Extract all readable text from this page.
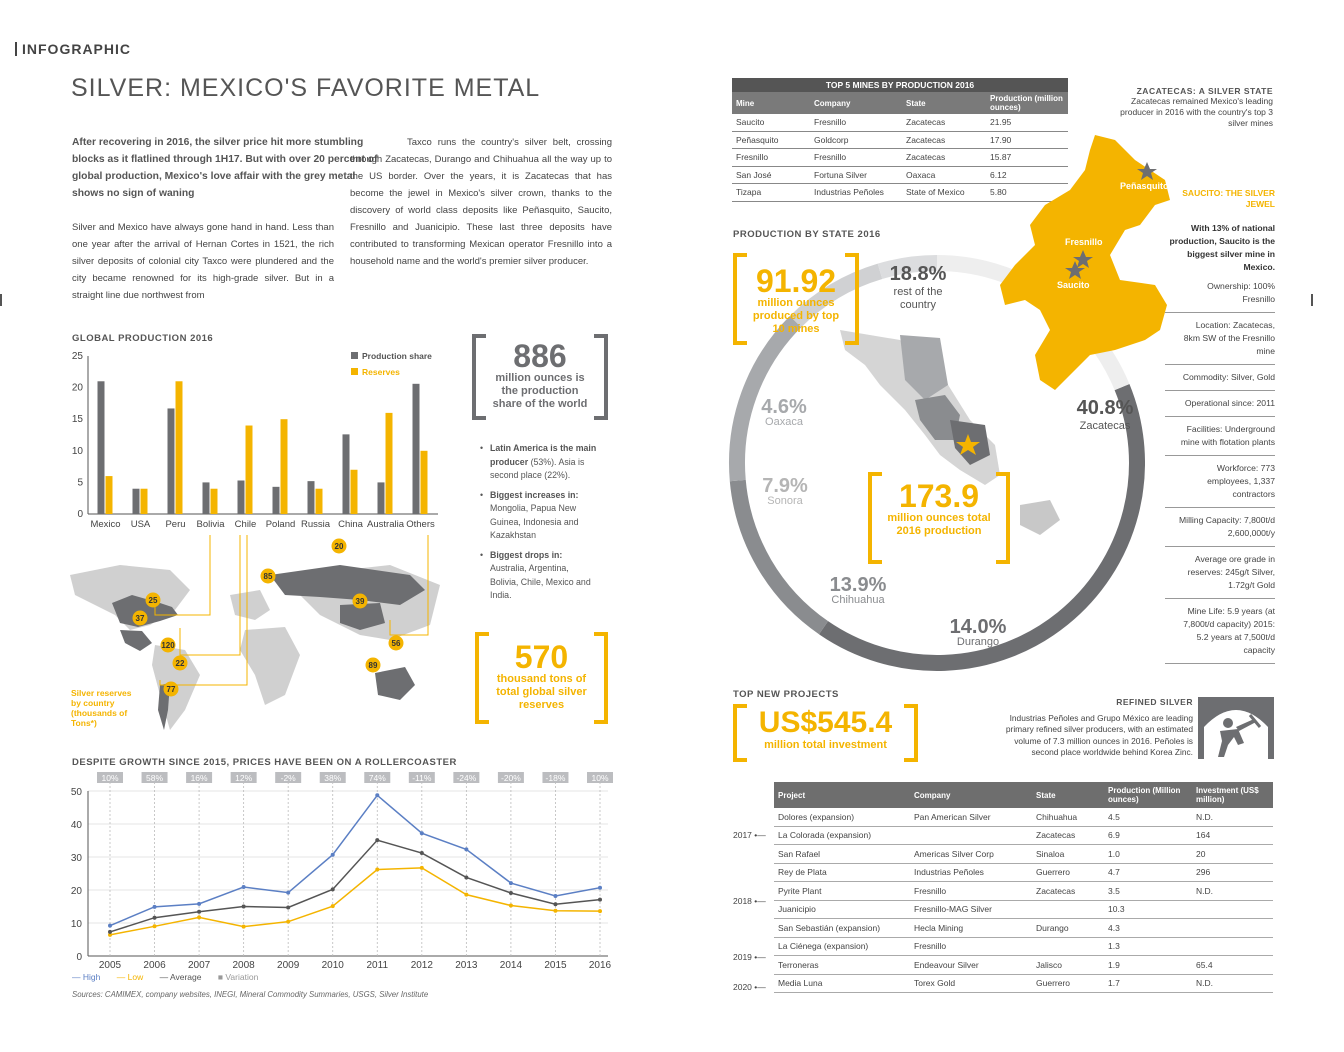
INFOGRAPHIC
SILVER: MEXICO'S FAVORITE METAL
After recovering in 2016, the silver price hit more stumbling blocks as it flatlined through 1H17. But with over 20 percent of global production, Mexico's love affair with the grey metal shows no sign of waning
Silver and Mexico have always gone hand in hand. Less than one year after the arrival of Hernan Cortes in 1521, the rich silver deposits of colonial city Taxco were plundered and the city became renowned for its high-grade silver. But in a straight line due northwest from
Taxco runs the country's silver belt, crossing through Zacatecas, Durango and Chihuahua all the way up to the US border. Over the years, it is Zacatecas that has become the jewel in Mexico's silver crown, thanks to the discovery of world class deposits like Peñasquito, Saucito, Fresnillo and Juanicipio. These last three deposits have contributed to transforming Mexican operator Fresnillo into a household name and the world's premier silver producer.
GLOBAL PRODUCTION 2016
0
5
10
15
20
25
Mexico USA Peru Bolivia Chile Poland Russia China Australia Others
Production share
Reserves	886
million ounces is the production share of the world
• Latin America is the main producer (53%). Asia is second place (22%).
• Biggest increases in: Mongolia, Papua New Guinea, Indonesia and Kazakhstan
• Biggest drops in: Australia, Argentina, Bolivia, Chile, Mexico and India.
570
thousand tons of total global silver reserves
25
37
120
22
77
85
20
39
56
89
Silver reserves by country (thousands of Tons*)
DESPITE GROWTH SINCE 2015, PRICES HAVE BEEN ON A ROLLERCOASTER
0
10
20
30
40
50
2005
10%
2006
58%
2007
16%
2008
12%
2009
-2%
2010
38%
2011
74%
2012
-11%
2013
-24%
2014
-20%
2015
-18%
2016
10%
— High — Low — Average ■ Variation
Sources: CAMIMEX, company websites, INEGI, Mineral Commodity Summaries, USGS, Silver Institute
TOP 5 MINES BY PRODUCTION 2016			
Mine	Company	State	Production (million ounces)
Saucito	Fresnillo	Zacatecas	21.95
Peñasquito	Goldcorp	Zacatecas	17.90
Fresnillo	Fresnillo	Zacatecas	15.87
San José	Fortuna Silver	Oaxaca	6.12
Tizapa	Industrias Peñoles	State of Mexico	5.80
ZACATECAS: A SILVER STATE
Zacatecas remained Mexico's leading producer in 2016 with the country's top 3 silver mines
PRODUCTION BY STATE 2016
Peñasquito
Fresnillo
Saucito
91.92
million ounces produced by top 10 mines
173.9
million ounces total 2016 production
18.8%
rest of the country
40.8%
Zacatecas
14.0%
Durango
13.9%
Chihuahua
7.9%
Sonora
4.6%
Oaxaca
SAUCITO: THE SILVER JEWEL
With 13% of national production, Saucito is the biggest silver mine in Mexico.
Ownership: 100% Fresnillo
Location: Zacatecas, 8km SW of the Fresnillo mine
Commodity: Silver, Gold
Operational since: 2011
Facilities: Underground mine with flotation plants
Workforce: 773 employees, 1,337 contractors
Milling Capacity: 7,800t/d 2,600,000t/y
Average ore grade in reserves: 245g/t Silver, 1.72g/t Gold
Mine Life: 5.9 years (at 7,800t/d capacity) 2015: 5.2 years at 7,500t/d capacity
TOP NEW PROJECTS
US$545.4
million total investment
REFINED SILVER
Industrias Peñoles and Grupo México are leading primary refined silver producers, with an estimated volume of 7.3 million ounces in 2016. Peñoles is second place worldwide behind Korea Zinc.
2017 •—
2018 •—
2019 •—
2020 •—
Project	Company	State	Production (Million ounces)	Investment (US$ million)
Dolores (expansion)	Pan American Silver	Chihuahua	4.5	N.D.
La Colorada (expansion)		Zacatecas	6.9	164
San Rafael	Americas Silver Corp	Sinaloa	1.0	20
Rey de Plata	Industrias Peñoles	Guerrero	4.7	296
Pyrite Plant	Fresnillo	Zacatecas	3.5	N.D.
Juanicipio	Fresnillo-MAG Silver		10.3	
San Sebastián (expansion)	Hecla Mining	Durango	4.3	
La Ciénega (expansion)	Fresnillo		1.3	
Terroneras	Endeavour Silver	Jalisco	1.9	65.4
Media Luna	Torex Gold	Guerrero	1.7	N.D.
